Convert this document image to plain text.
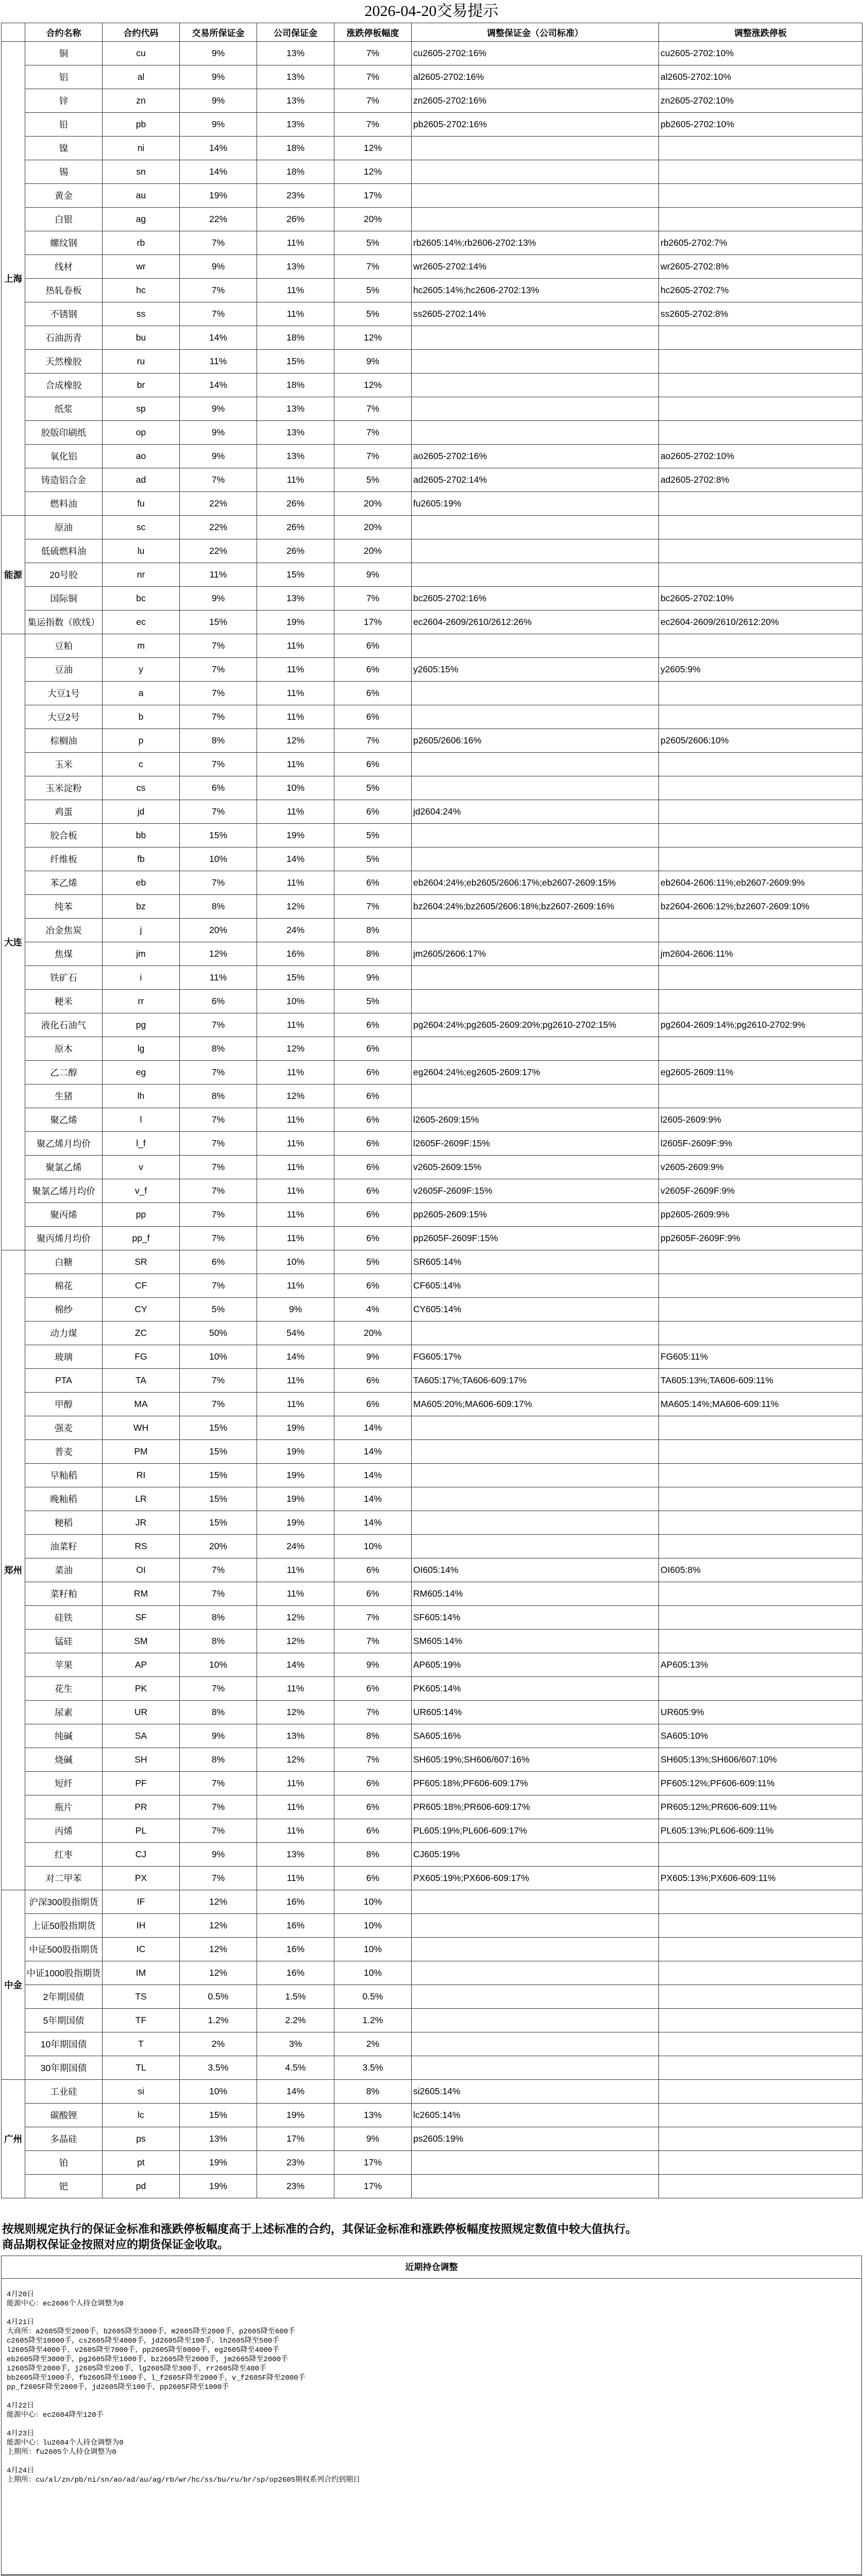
2026-04-20交易提示
	合约名称	合约代码	交易所保证金	公司保证金	涨跌停板幅度	调整保证金（公司标准）	调整涨跌停板
上海	铜	cu	9%	13%	7%	cu2605-2702:16%	cu2605-2702:10%
	铝	al	9%	13%	7%	al2605-2702:16%	al2605-2702:10%
	锌	zn	9%	13%	7%	zn2605-2702:16%	zn2605-2702:10%
	铅	pb	9%	13%	7%	pb2605-2702:16%	pb2605-2702:10%
	镍	ni	14%	18%	12%		
	锡	sn	14%	18%	12%		
	黄金	au	19%	23%	17%		
	白银	ag	22%	26%	20%		
	螺纹钢	rb	7%	11%	5%	rb2605:14%;rb2606-2702:13%	rb2605-2702:7%
	线材	wr	9%	13%	7%	wr2605-2702:14%	wr2605-2702:8%
	热轧卷板	hc	7%	11%	5%	hc2605:14%;hc2606-2702:13%	hc2605-2702:7%
	不锈钢	ss	7%	11%	5%	ss2605-2702:14%	ss2605-2702:8%
	石油沥青	bu	14%	18%	12%		
	天然橡胶	ru	11%	15%	9%		
	合成橡胶	br	14%	18%	12%		
	纸浆	sp	9%	13%	7%		
	胶版印刷纸	op	9%	13%	7%		
	氧化铝	ao	9%	13%	7%	ao2605-2702:16%	ao2605-2702:10%
	铸造铝合金	ad	7%	11%	5%	ad2605-2702:14%	ad2605-2702:8%
	燃料油	fu	22%	26%	20%	fu2605:19%	
能源	原油	sc	22%	26%	20%		
	低硫燃料油	lu	22%	26%	20%		
	20号胶	nr	11%	15%	9%		
	国际铜	bc	9%	13%	7%	bc2605-2702:16%	bc2605-2702:10%
	集运指数（欧线）	ec	15%	19%	17%	ec2604-2609/2610/2612:26%	ec2604-2609/2610/2612:20%
大连	豆粕	m	7%	11%	6%		
	豆油	y	7%	11%	6%	y2605:15%	y2605:9%
	大豆1号	a	7%	11%	6%		
	大豆2号	b	7%	11%	6%		
	棕榈油	p	8%	12%	7%	p2605/2606:16%	p2605/2606:10%
	玉米	c	7%	11%	6%		
	玉米淀粉	cs	6%	10%	5%		
	鸡蛋	jd	7%	11%	6%	jd2604:24%	
	胶合板	bb	15%	19%	5%		
	纤维板	fb	10%	14%	5%		
	苯乙烯	eb	7%	11%	6%	eb2604:24%;eb2605/2606:17%;eb2607-2609:15%	eb2604-2606:11%;eb2607-2609:9%
	纯苯	bz	8%	12%	7%	bz2604:24%;bz2605/2606:18%;bz2607-2609:16%	bz2604-2606:12%;bz2607-2609:10%
	冶金焦炭	j	20%	24%	8%		
	焦煤	jm	12%	16%	8%	jm2605/2606:17%	jm2604-2606:11%
	铁矿石	i	11%	15%	9%		
	粳米	rr	6%	10%	5%		
	液化石油气	pg	7%	11%	6%	pg2604:24%;pg2605-2609:20%;pg2610-2702:15%	pg2604-2609:14%;pg2610-2702:9%
	原木	lg	8%	12%	6%		
	乙二醇	eg	7%	11%	6%	eg2604:24%;eg2605-2609:17%	eg2605-2609:11%
	生猪	lh	8%	12%	6%		
	聚乙烯	l	7%	11%	6%	l2605-2609:15%	l2605-2609:9%
	聚乙烯月均价	l_f	7%	11%	6%	l2605F-2609F:15%	l2605F-2609F:9%
	聚氯乙烯	v	7%	11%	6%	v2605-2609:15%	v2605-2609:9%
	聚氯乙烯月均价	v_f	7%	11%	6%	v2605F-2609F:15%	v2605F-2609F:9%
	聚丙烯	pp	7%	11%	6%	pp2605-2609:15%	pp2605-2609:9%
	聚丙烯月均价	pp_f	7%	11%	6%	pp2605F-2609F:15%	pp2605F-2609F:9%
郑州	白糖	SR	6%	10%	5%	SR605:14%	
	棉花	CF	7%	11%	6%	CF605:14%	
	棉纱	CY	5%	9%	4%	CY605:14%	
	动力煤	ZC	50%	54%	20%		
	玻璃	FG	10%	14%	9%	FG605:17%	FG605:11%
	PTA	TA	7%	11%	6%	TA605:17%;TA606-609:17%	TA605:13%;TA606-609:11%
	甲醇	MA	7%	11%	6%	MA605:20%;MA606-609:17%	MA605:14%;MA606-609:11%
	强麦	WH	15%	19%	14%		
	普麦	PM	15%	19%	14%		
	早籼稻	RI	15%	19%	14%		
	晚籼稻	LR	15%	19%	14%		
	粳稻	JR	15%	19%	14%		
	油菜籽	RS	20%	24%	10%		
	菜油	OI	7%	11%	6%	OI605:14%	OI605:8%
	菜籽粕	RM	7%	11%	6%	RM605:14%	
	硅铁	SF	8%	12%	7%	SF605:14%	
	锰硅	SM	8%	12%	7%	SM605:14%	
	苹果	AP	10%	14%	9%	AP605:19%	AP605:13%
	花生	PK	7%	11%	6%	PK605:14%	
	尿素	UR	8%	12%	7%	UR605:14%	UR605:9%
	纯碱	SA	9%	13%	8%	SA605:16%	SA605:10%
	烧碱	SH	8%	12%	7%	SH605:19%;SH606/607:16%	SH605:13%;SH606/607:10%
	短纤	PF	7%	11%	6%	PF605:18%;PF606-609:17%	PF605:12%;PF606-609:11%
	瓶片	PR	7%	11%	6%	PR605:18%;PR606-609:17%	PR605:12%;PR606-609:11%
	丙烯	PL	7%	11%	6%	PL605:19%;PL606-609:17%	PL605:13%;PL606-609:11%
	红枣	CJ	9%	13%	8%	CJ605:19%	
	对二甲苯	PX	7%	11%	6%	PX605:19%;PX606-609:17%	PX605:13%;PX606-609:11%
中金	沪深300股指期货	IF	12%	16%	10%		
	上证50股指期货	IH	12%	16%	10%		
	中证500股指期货	IC	12%	16%	10%		
	中证1000股指期货	IM	12%	16%	10%		
	2年期国债	TS	0.5%	1.5%	0.5%		
	5年期国债	TF	1.2%	2.2%	1.2%		
	10年期国债	T	2%	3%	2%		
	30年期国债	TL	3.5%	4.5%	3.5%		
广州	工业硅	si	10%	14%	8%	si2605:14%	
	碳酸锂	lc	15%	19%	13%	lc2605:14%	
	多晶硅	ps	13%	17%	9%	ps2605:19%	
	铂	pt	19%	23%	17%		
	钯	pd	19%	23%	17%		
按规则规定执行的保证金标准和涨跌停板幅度高于上述标准的合约，其保证金标准和涨跌停板幅度按照规定数值中较大值执行。
商品期权保证金按照对应的期货保证金收取。
近期持仓调整
4月20日
能源中心：ec2606个人持仓调整为0
4月21日
大商所：a2605降至2000手，b2605降至3000手，m2605降至2000手，p2605降至600手
c2605降至10000手，cs2605降至4000手，jd2605降至100手，lh2605降至500手
l2605降至4000手，v2605降至7000手，pp2605降至8000手，eg2605降至4000手
eb2605降至3000手，pg2605降至1000手，bz2605降至2000手，jm2605降至2000手
i2605降至2000手，j2605降至200手，lg2605降至300手，rr2605降至400手
bb2605降至1000手，fb2605降至1000手，l_f2605F降至2000手，v_f2605F降至2000手
pp_f2605F降至2000手，jd2605降至100手，pp2605F降至1000手
4月22日
能源中心：ec2604降至120手
4月23日
能源中心：lu2604个人持仓调整为0
上期所：fu2605个人持仓调整为0
4月24日
上期所：cu/al/zn/pb/ni/sn/ao/ad/au/ag/rb/wr/hc/ss/bu/ru/br/sp/op2605期权系列合约到期日
